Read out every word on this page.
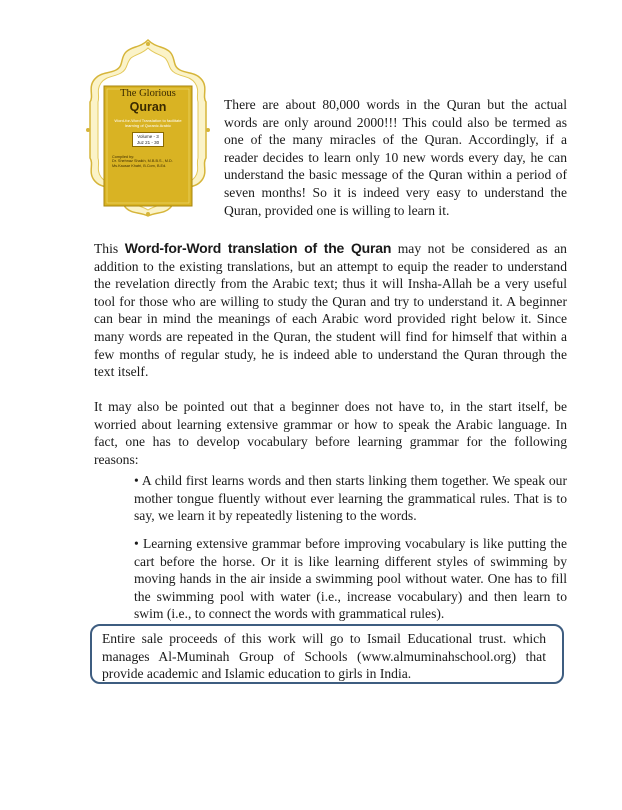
The Glorious
Quran
Word-for-Word Translation to facilitate learning of Quranic Arabic
Volume - 3
Juz 21 - 30
Compiled by:
Dr. Shehnaz Shaikh, M.B.B.S., M.D.
Ms.Kausar Khatri, B.Com, B.Ed.

There are about 80,000 words in the Quran but the actual words are only around 2000!!! This could also be termed as one of the many miracles of the Quran. Accordingly, if a reader decides to learn only 10 new words every day, he can understand the basic message of the Quran within a period of seven months! So it is indeed very easy to understand the Quran, provided one is willing to learn it.

This Word-for-Word translation of the Quran may not be considered as an addition to the existing translations, but an attempt to equip the reader to understand the revelation directly from the Arabic text; thus it will Insha-Allah be a very useful tool for those who are willing to study the Quran and try to understand it. A beginner can bear in mind the meanings of each Arabic word provided right below it. Since many words are repeated in the Quran, the student will find for himself that within a few months of regular study, he is indeed able to understand the Quran through the text itself.

It may also be pointed out that a beginner does not have to, in the start itself, be worried about learning extensive grammar or how to speak the Arabic language. In fact, one has to develop vocabulary before learning grammar for the following reasons:

• A child first learns words and then starts linking them together. We speak our mother tongue fluently without ever learning the grammatical rules. That is to say, we learn it by repeatedly listening to the words.

• Learning extensive grammar before improving vocabulary is like putting the cart before the horse. Or it is like learning different styles of swimming by moving hands in the air inside a swimming pool without water. One has to fill the swimming pool with water (i.e., increase vocabulary) and then learn to swim (i.e., to connect the words with grammatical rules).

Entire sale proceeds of this work will go to Ismail Educational trust. which manages Al-Muminah Group of Schools (www.almuminahschool.org) that provide academic and Islamic education to girls in India.
